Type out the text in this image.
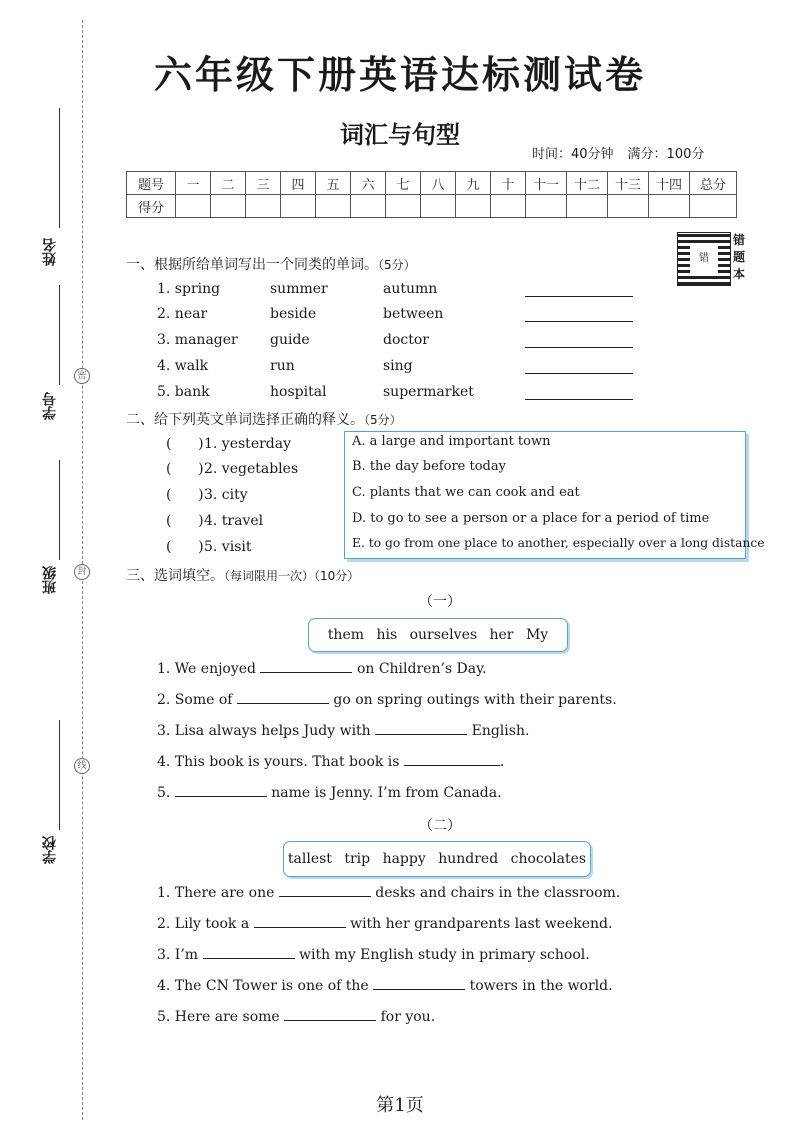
姓名
学号
班级
学校
密
封
线
六年级下册英语达标测试卷
词汇与句型
时间：40分钟 满分：100分
题号	一	二	三	四	五	六	七	八	九	十	十一	十二	十三	十四	总分
得分															
错
错
题
本
一、根据所给单词写出一个同类的单词。（5分）
1. spring	summer	autumn
2. near	beside	between
3. manager guide	doctor
4. walk	run	sing
5. bank	hospital	supermarket
二、给下列英文单词选择正确的释义。（5分）
(      ) 1. yesterday
(      ) 2. vegetables
(      ) 3. city
(      ) 4. travel
(      ) 5. visit
A. a large and important town
B. the day before today
C. plants that we can cook and eat
D. to go to see a person or a place for a period of time
E. to go from one place to another, especially over a long distance
三、选词填空。（每词限用一次）（10分）
（一）
them his ourselves her My
1. We enjoyed	on Children’s Day.
2. Some of	go on spring outings with their parents.
3. Lisa always helps Judy with	English.
4. This book is yours. That book is	.
5.	name is Jenny. I’m from Canada.
（二）
tallest trip happy hundred chocolates
1. There are one	desks and chairs in the classroom.
2. Lily took a	with her grandparents last weekend.
3. I’m	with my English study in primary school.
4. The CN Tower is one of the	towers in the world.
5. Here are some	for you.
第1页
